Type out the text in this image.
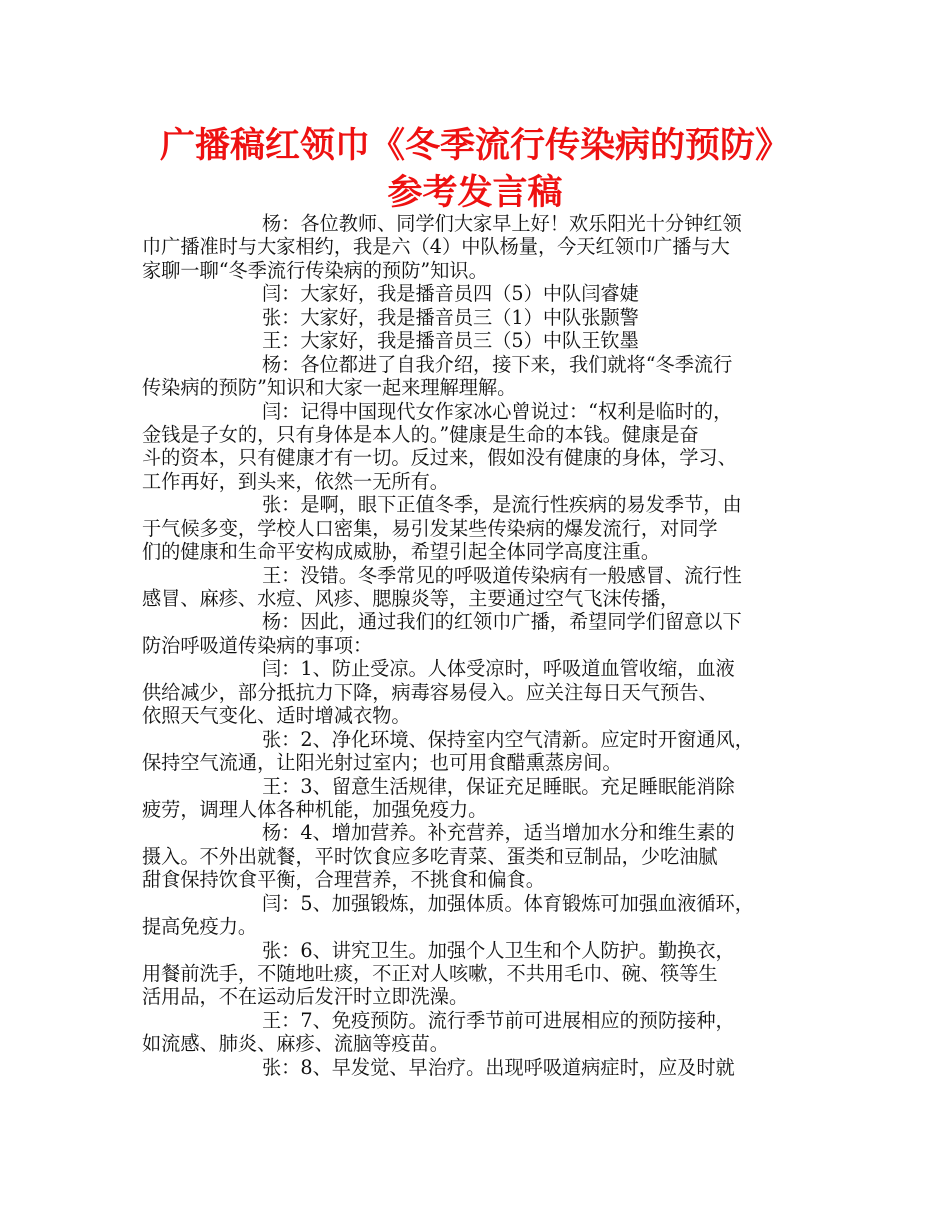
广播稿红领巾《冬季流行传染病的预防》
参考发言稿
杨：各位教师、同学们大家早上好！欢乐阳光十分钟红领
巾广播准时与大家相约，我是六（4）中队杨量，今天红领巾广播与大
家聊一聊“冬季流行传染病的预防”知识。
闫：大家好，我是播音员四（5）中队闫睿婕
张：大家好，我是播音员三（1）中队张颢警
王：大家好，我是播音员三（5）中队王钦墨
杨：各位都进了自我介绍，接下来，我们就将“冬季流行
传染病的预防”知识和大家一起来理解理解。
闫：记得中国现代女作家冰心曾说过：“权利是临时的，
金钱是子女的，只有身体是本人的。”健康是生命的本钱。健康是奋
斗的资本，只有健康才有一切。反过来，假如没有健康的身体，学习、
工作再好，到头来，依然一无所有。
张：是啊，眼下正值冬季，是流行性疾病的易发季节，由
于气候多变，学校人口密集，易引发某些传染病的爆发流行，对同学
们的健康和生命平安构成威胁，希望引起全体同学高度注重。
王：没错。冬季常见的呼吸道传染病有一般感冒、流行性
感冒、麻疹、水痘、风疹、腮腺炎等，主要通过空气飞沫传播，
杨：因此，通过我们的红领巾广播，希望同学们留意以下
防治呼吸道传染病的事项：
闫：1、防止受凉。人体受凉时，呼吸道血管收缩，血液
供给减少，部分抵抗力下降，病毒容易侵入。应关注每日天气预告、
依照天气变化、适时增减衣物。
张：2、净化环境、保持室内空气清新。应定时开窗通风，
保持空气流通，让阳光射过室内；也可用食醋熏蒸房间。
王：3、留意生活规律，保证充足睡眠。充足睡眠能消除
疲劳，调理人体各种机能，加强免疫力。
杨：4、增加营养。补充营养，适当增加水分和维生素的
摄入。不外出就餐，平时饮食应多吃青菜、蛋类和豆制品，少吃油腻
甜食保持饮食平衡，合理营养，不挑食和偏食。
闫：5、加强锻炼，加强体质。体育锻炼可加强血液循环，
提高免疫力。
张：6、讲究卫生。加强个人卫生和个人防护。勤换衣，
用餐前洗手，不随地吐痰，不正对人咳嗽，不共用毛巾、碗、筷等生
活用品，不在运动后发汗时立即洗澡。
王：7、免疫预防。流行季节前可进展相应的预防接种，
如流感、肺炎、麻疹、流脑等疫苗。
张：8、早发觉、早治疗。出现呼吸道病症时，应及时就
